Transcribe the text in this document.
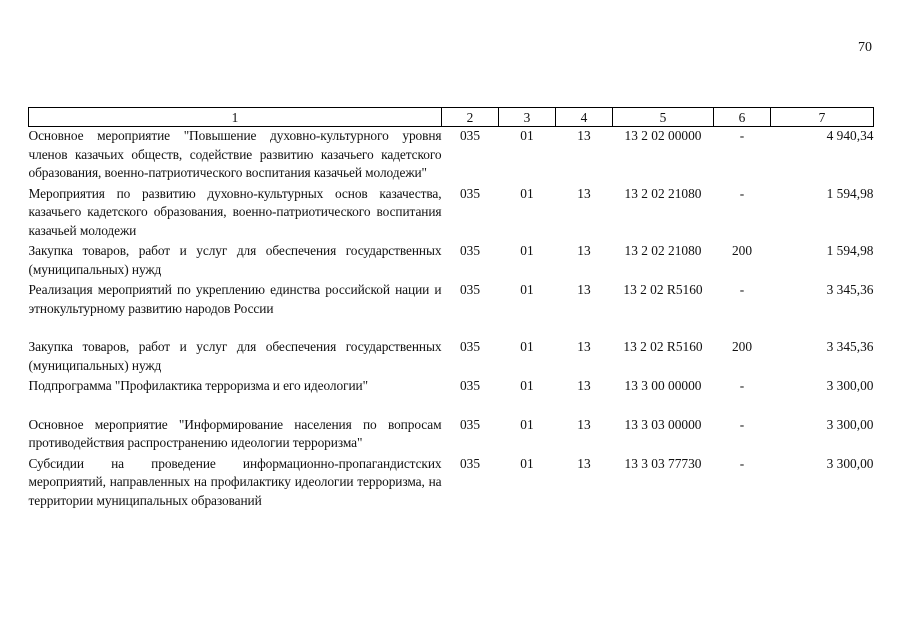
70
1	2	3	4	5	6	7
Основное мероприятие "Повышение духовно-культурного уровня членов казачьих обществ, содействие развитию казачьего кадетского образования, военно-патриотического воспитания казачьей молодежи"	035	01	13	13 2 02 00000	-	4 940,34
Мероприятия по развитию духовно-культурных основ казачества, казачьего кадетского образования, военно-патриотического воспитания казачьей молодежи	035	01	13	13 2 02 21080	-	1 594,98
Закупка товаров, работ и услуг для обеспечения государственных (муниципальных) нужд	035	01	13	13 2 02 21080	200	1 594,98
Реализация мероприятий по укреплению единства российской нации и этнокультурному развитию народов России	035	01	13	13 2 02 R5160	-	3 345,36
Закупка товаров, работ и услуг для обеспечения государственных (муниципальных) нужд	035	01	13	13 2 02 R5160	200	3 345,36
Подпрограмма "Профилактика терроризма и его идеологии"	035	01	13	13 3 00 00000	-	3 300,00
Основное мероприятие "Информирование населения по вопросам противодействия распространению идеологии терроризма"	035	01	13	13 3 03 00000	-	3 300,00
Субсидии на проведение информационно-пропагандистских мероприятий, направленных на профилактику идеологии терроризма, на территории муниципальных образований	035	01	13	13 3 03 77730	-	3 300,00
